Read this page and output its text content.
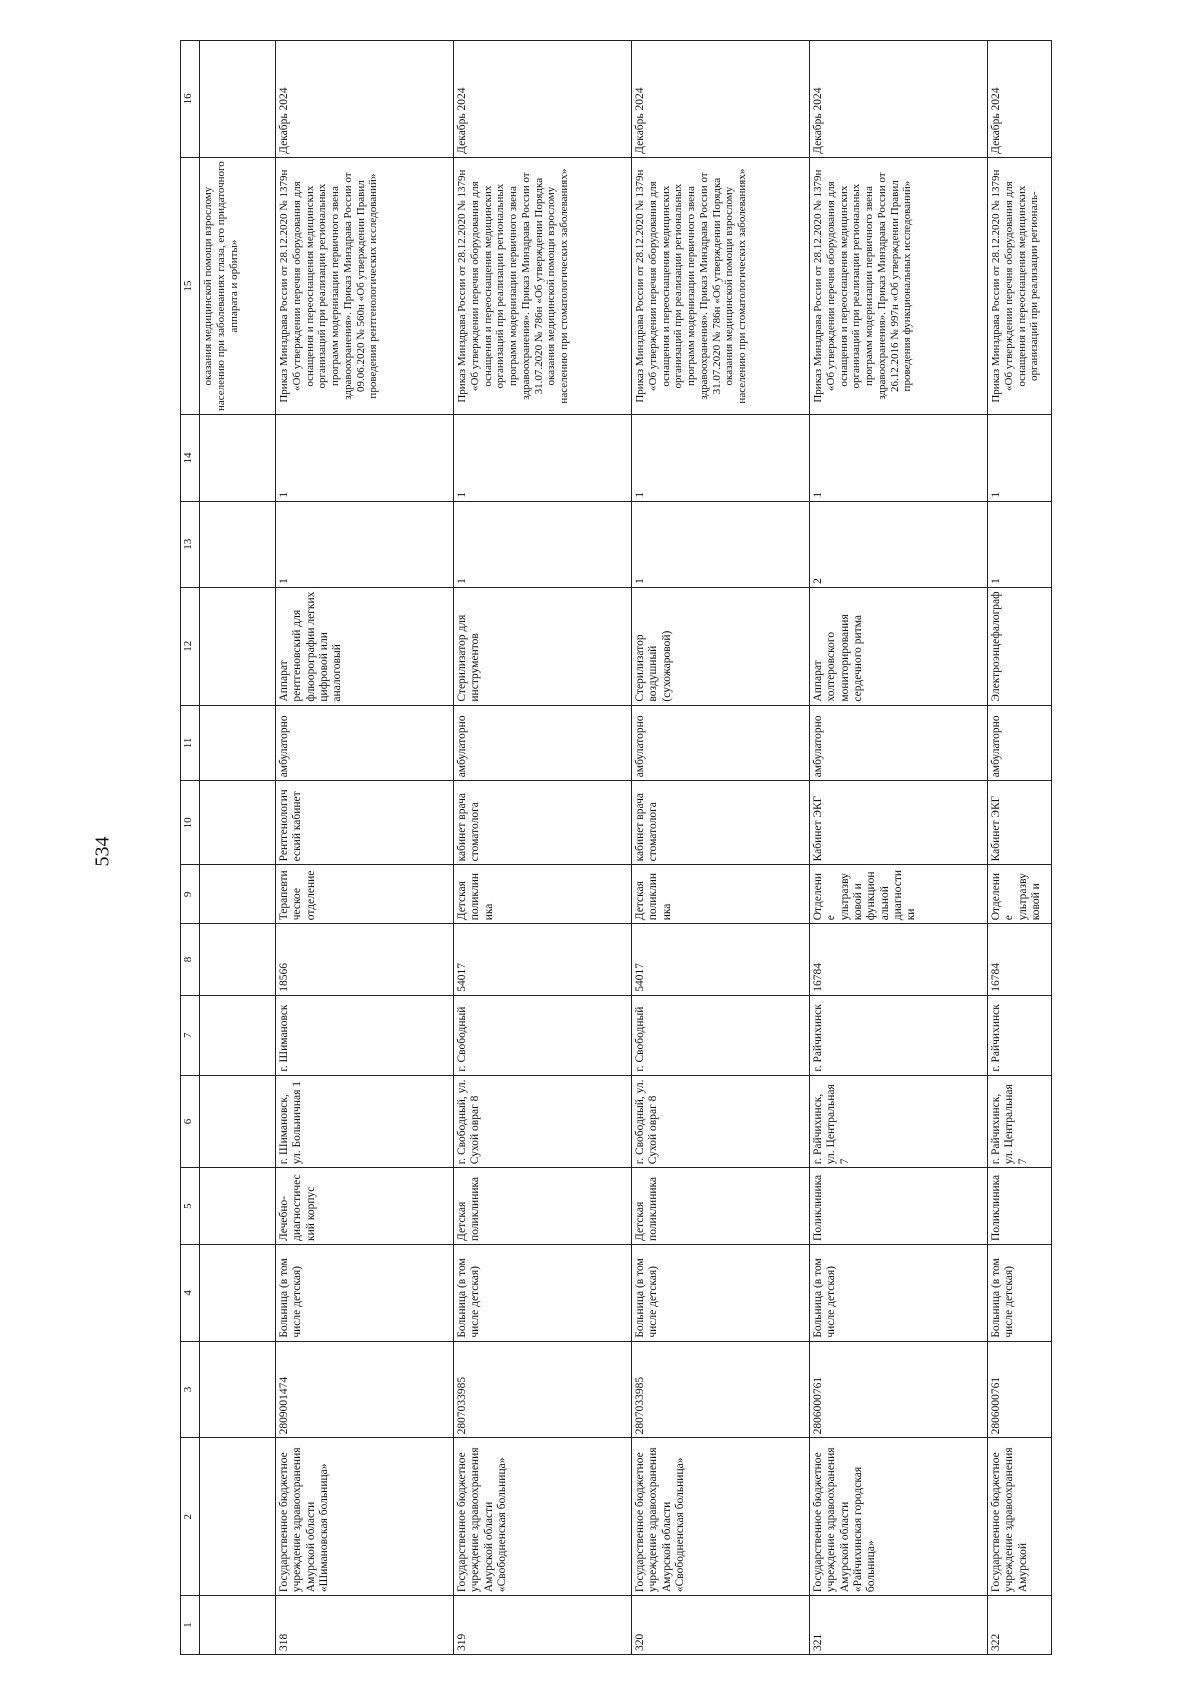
534
1	2	3	4	5	6	7	8	9	10	11	12	13	14	15	16
														оказания медицинской помощи взрослому населению при заболеваниях глаза, его придаточного аппарата и орбиты»	
318	Государственное бюджетное учреждение здравоохранения Амурской области «Шимановская больница»	2809001474	Больница (в том числе детская)	Лечебно-диагностический корпус	г. Шимановск, ул. Больничная 1	г. Шимановск	18566	Терапевтическое отделение	Рентгенологический кабинет	амбулаторно	Аппарат рентгеновский для флюорографии легких цифровой или аналоговый	1	1	Приказ Минздрава России от 28.12.2020 № 1379н «Об утверждении перечня оборудования для оснащения и переоснащения медицинских организаций при реализации региональных программ модернизации первичного звена здравоохранения». Приказ Минздрава России от 09.06.2020 № 560н «Об утверждении Правил проведения рентгенологических исследований»	Декабрь 2024
319	Государственное бюджетное учреждение здравоохранения Амурской области «Свободненская больница»	2807033985	Больница (в том числе детская)	Детская поликлиника	г. Свободный, ул. Сухой овраг 8	г. Свободный	54017	Детская поликлиника	кабинет врача стоматолога	амбулаторно	Стерилизатор для инструментов	1	1	Приказ Минздрава России от 28.12.2020 № 1379н «Об утверждении перечня оборудования для оснащения и переоснащения медицинских организаций при реализации региональных программ модернизации первичного звена здравоохранения». Приказ Минздрава России от 31.07.2020 № 786н «Об утверждении Порядка оказания медицинской помощи взрослому населению при стоматологических заболеваниях»	Декабрь 2024
320	Государственное бюджетное учреждение здравоохранения Амурской области «Свободненская больница»	2807033985	Больница (в том числе детская)	Детская поликлиника	г. Свободный, ул. Сухой овраг 8	г. Свободный	54017	Детская поликлиника	кабинет врача стоматолога	амбулаторно	Стерилизатор воздушный (сухожаровой)	1	1	Приказ Минздрава России от 28.12.2020 № 1379н «Об утверждении перечня оборудования для оснащения и переоснащения медицинских организаций при реализации региональных программ модернизации первичного звена здравоохранения». Приказ Минздрава России от 31.07.2020 № 786н «Об утверждении Порядка оказания медицинской помощи взрослому населению при стоматологических заболеваниях»	Декабрь 2024
321	Государственное бюджетное учреждение здравоохранения Амурской области «Райчихинская городская больница»	2806000761	Больница (в том числе детская)	Поликлиника	г. Райчихинск, ул. Центральная 7	г. Райчихинск	16784	Отделение ультразвуковой и функциональной диагностики	Кабинет ЭКГ	амбулаторно	Аппарат холтеровского мониторирования сердечного ритма	2	1	Приказ Минздрава России от 28.12.2020 № 1379н «Об утверждении перечня оборудования для оснащения и переоснащения медицинских организаций при реализации региональных программ модернизации первичного звена здравоохранения». Приказ Минздрава России от 26.12.2016 № 997н «Об утверждении Правил проведения функциональных исследований»	Декабрь 2024
322	Государственное бюджетное учреждение здравоохранения Амурской	2806000761	Больница (в том числе детская)	Поликлиника	г. Райчихинск, ул. Центральная 7	г. Райчихинск	16784	Отделение ультразвуковой и	Кабинет ЭКГ	амбулаторно	Электроэнцефалограф	1	1	Приказ Минздрава России от 28.12.2020 № 1379н «Об утверждении перечня оборудования для оснащения и переоснащения медицинских организаций при реализации региональ-	Декабрь 2024
